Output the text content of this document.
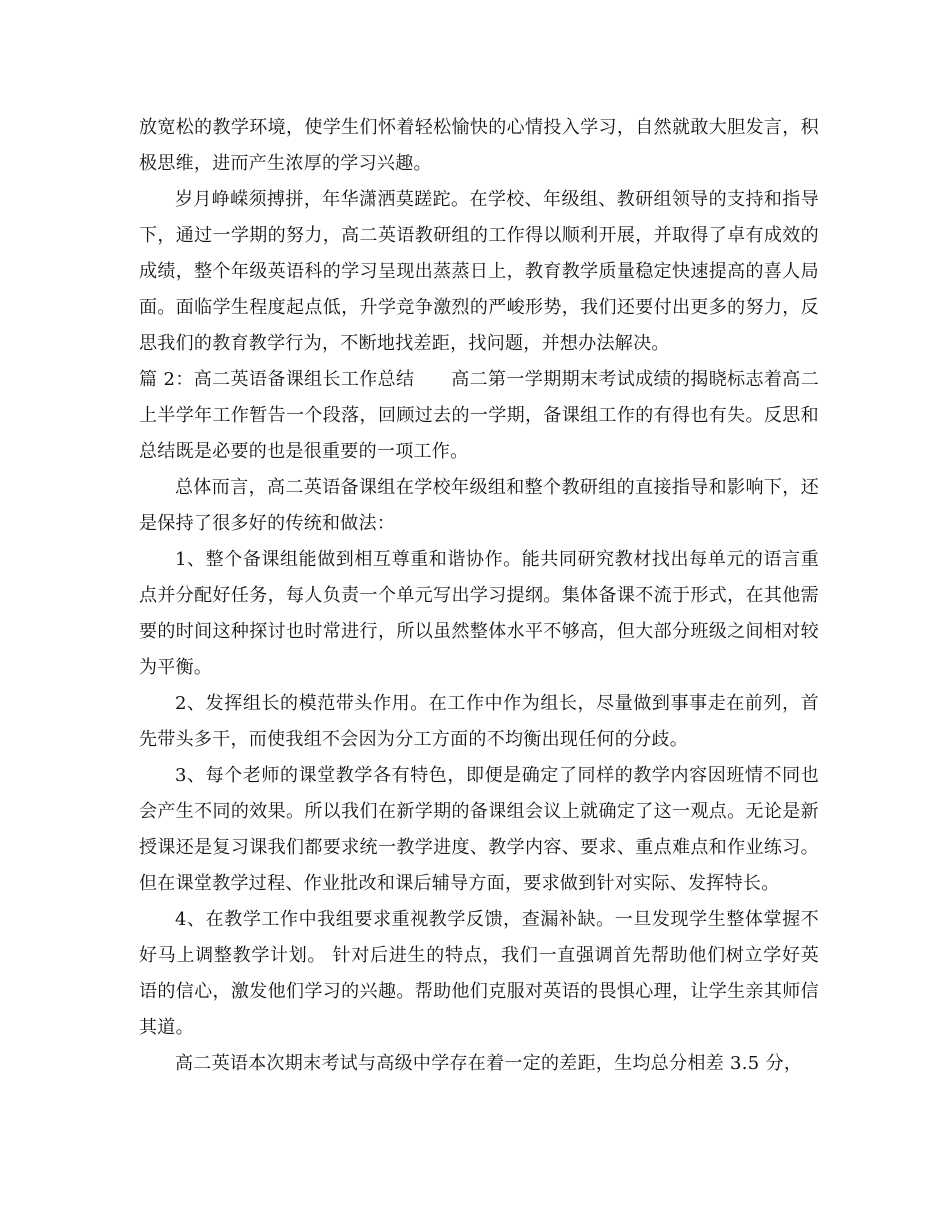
放宽松的教学环境，使学生们怀着轻松愉快的心情投入学习，自然就敢大胆发言，积极思维，进而产生浓厚的学习兴趣。

岁月峥嵘须搏拼，年华潇洒莫蹉跎。在学校、年级组、教研组领导的支持和指导下，通过一学期的努力，高二英语教研组的工作得以顺利开展，并取得了卓有成效的成绩，整个年级英语科的学习呈现出蒸蒸日上，教育教学质量稳定快速提高的喜人局面。面临学生程度起点低，升学竞争激烈的严峻形势，我们还要付出更多的努力，反思我们的教育教学行为，不断地找差距，找问题，并想办法解决。

篇 2：高二英语备课组长工作总结　　高二第一学期期末考试成绩的揭晓标志着高二上半学年工作暂告一个段落，回顾过去的一学期，备课组工作的有得也有失。反思和总结既是必要的也是很重要的一项工作。

总体而言，高二英语备课组在学校年级组和整个教研组的直接指导和影响下，还是保持了很多好的传统和做法：

1、整个备课组能做到相互尊重和谐协作。能共同研究教材找出每单元的语言重点并分配好任务，每人负责一个单元写出学习提纲。集体备课不流于形式，在其他需要的时间这种探讨也时常进行，所以虽然整体水平不够高，但大部分班级之间相对较为平衡。

2、发挥组长的模范带头作用。在工作中作为组长，尽量做到事事走在前列，首先带头多干，而使我组不会因为分工方面的不均衡出现任何的分歧。

3、每个老师的课堂教学各有特色，即便是确定了同样的教学内容因班情不同也会产生不同的效果。所以我们在新学期的备课组会议上就确定了这一观点。无论是新授课还是复习课我们都要求统一教学进度、教学内容、要求、重点难点和作业练习。但在课堂教学过程、作业批改和课后辅导方面，要求做到针对实际、发挥特长。

4、在教学工作中我组要求重视教学反馈，查漏补缺。一旦发现学生整体掌握不好马上调整教学计划。 针对后进生的特点，我们一直强调首先帮助他们树立学好英语的信心，激发他们学习的兴趣。帮助他们克服对英语的畏惧心理，让学生亲其师信其道。

高二英语本次期末考试与高级中学存在着一定的差距，生均总分相差 3.5 分，
